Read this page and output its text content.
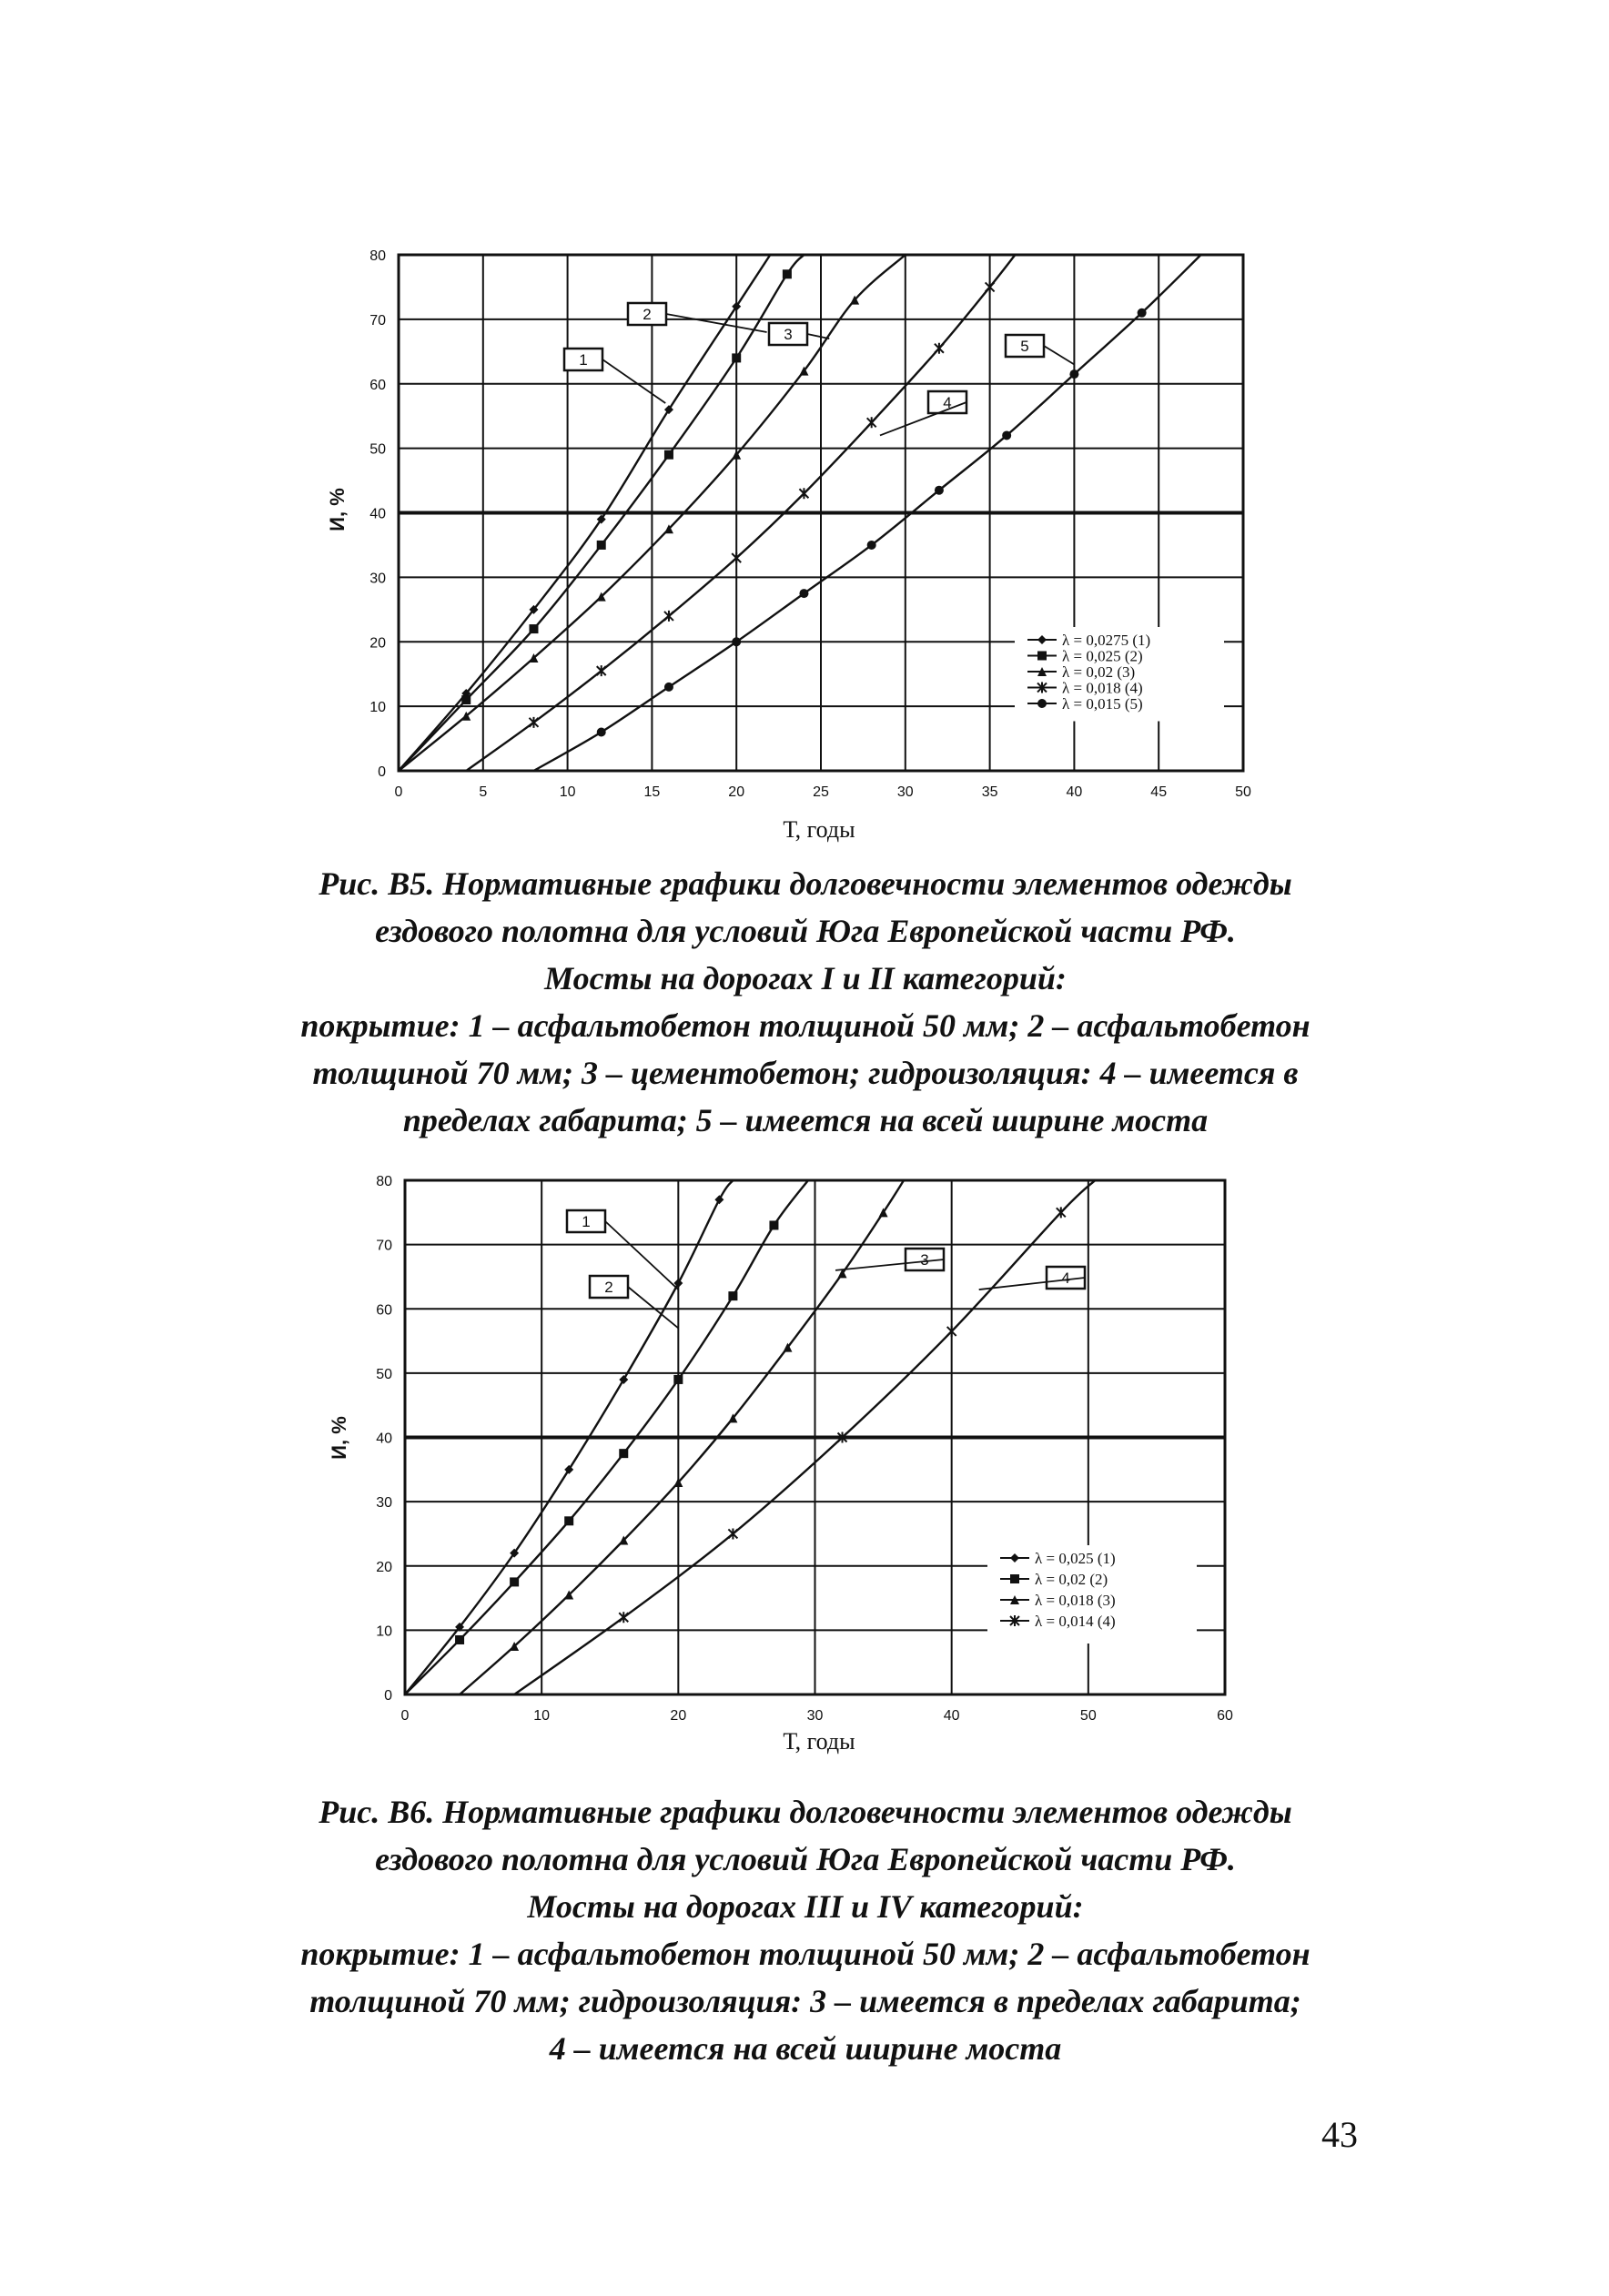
0	5	10	15	20	25	30	35	40	45	50
0
10
20
30
40
50
60
70
80
Т, годы
И, %
1
2
3
4
5
λ = 0,0275 (1)
λ = 0,025 (2)
λ = 0,02 (3)
λ = 0,018 (4)
λ = 0,015 (5)
Рис. В5. Нормативные графики долговечности элементов одежды
ездового полотна для условий Юга Европейской части РФ.
Мосты на дорогах I и II категорий:
покрытие: 1 – асфальтобетон толщиной 50 мм; 2 – асфальтобетон
толщиной 70 мм; 3 – цементобетон; гидроизоляция: 4 – имеется в
пределах габарита; 5 – имеется на всей ширине моста
0	10	20	30	40	50	60
0
10
20
30
40
50
60
70
80
Т, годы
И, %
1
2
3
4
λ = 0,025 (1)
λ = 0,02 (2)
λ = 0,018 (3)
λ = 0,014 (4)
Рис. В6. Нормативные графики долговечности элементов одежды
ездового полотна для условий Юга Европейской части РФ.
Мосты на дорогах III и IV категорий:
покрытие: 1 – асфальтобетон толщиной 50 мм; 2 – асфальтобетон
толщиной 70 мм; гидроизоляция: 3 – имеется в пределах габарита;
4 – имеется на всей ширине моста
43
